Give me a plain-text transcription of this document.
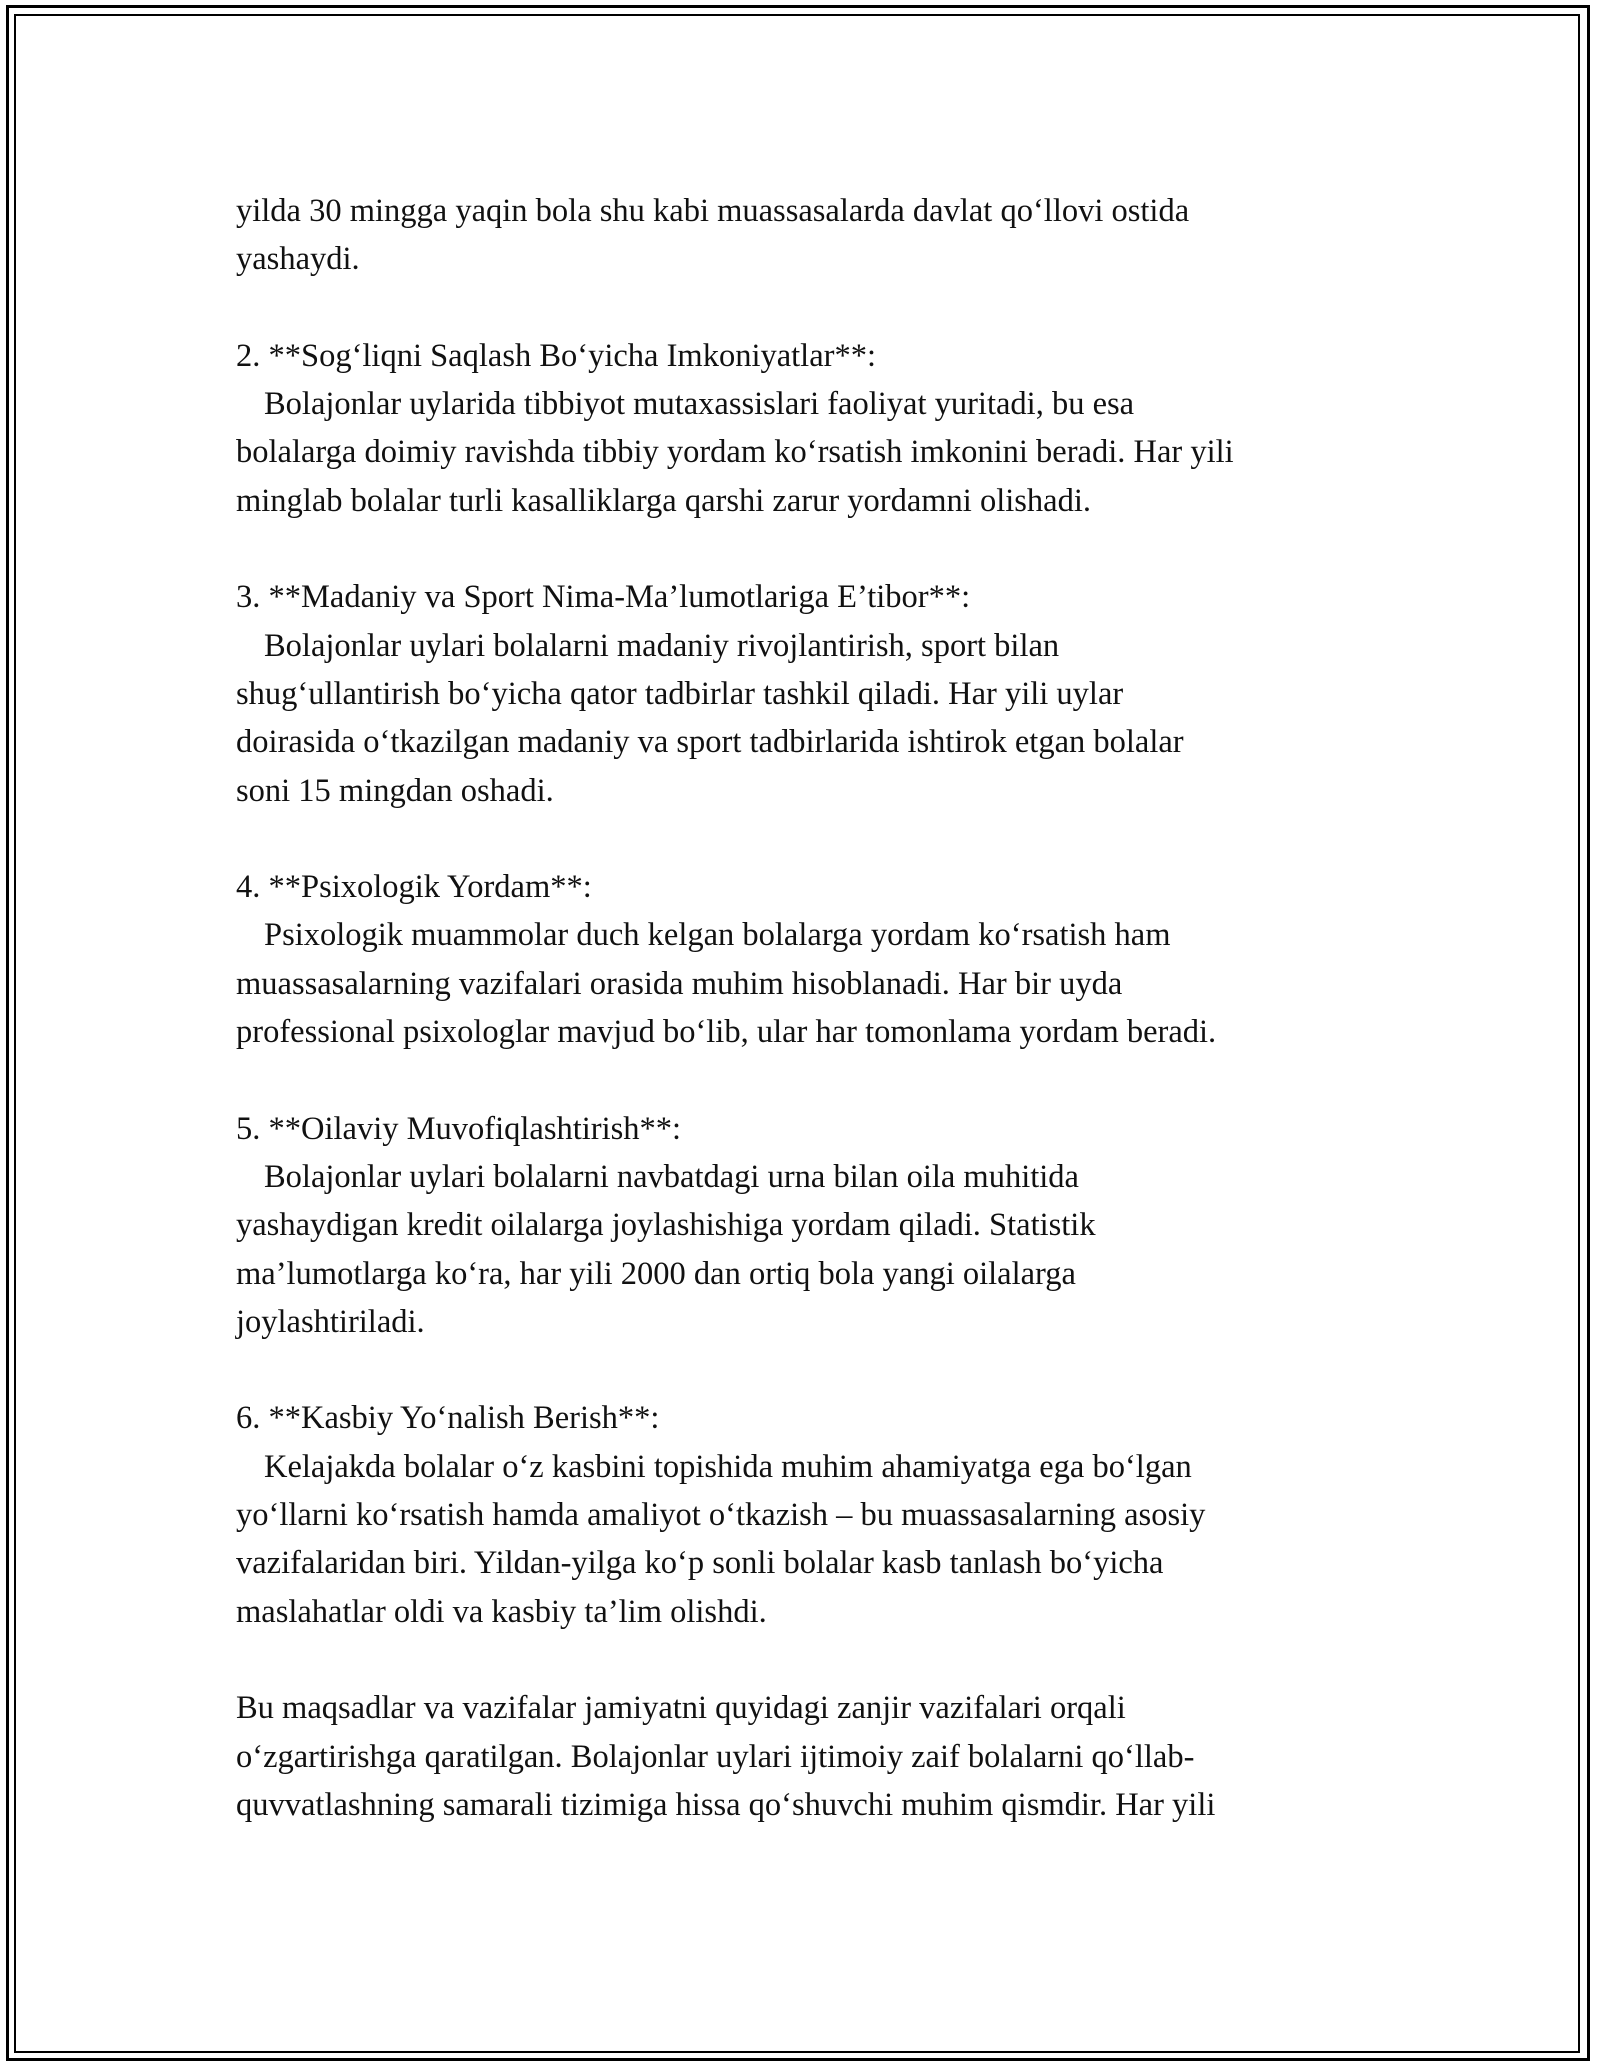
yilda 30 mingga yaqin bola shu kabi muassasalarda davlat qo‘llovi ostida
yashaydi.
2. **Sog‘liqni Saqlash Bo‘yicha Imkoniyatlar**:
Bolajonlar uylarida tibbiyot mutaxassislari faoliyat yuritadi, bu esa
bolalarga doimiy ravishda tibbiy yordam ko‘rsatish imkonini beradi. Har yili
minglab bolalar turli kasalliklarga qarshi zarur yordamni olishadi.
3. **Madaniy va Sport Nima-Ma’lumotlariga E’tibor**:
Bolajonlar uylari bolalarni madaniy rivojlantirish, sport bilan
shug‘ullantirish bo‘yicha qator tadbirlar tashkil qiladi. Har yili uylar
doirasida o‘tkazilgan madaniy va sport tadbirlarida ishtirok etgan bolalar
soni 15 mingdan oshadi.
4. **Psixologik Yordam**:
Psixologik muammolar duch kelgan bolalarga yordam ko‘rsatish ham
muassasalarning vazifalari orasida muhim hisoblanadi. Har bir uyda
professional psixologlar mavjud bo‘lib, ular har tomonlama yordam beradi.
5. **Oilaviy Muvofiqlashtirish**:
Bolajonlar uylari bolalarni navbatdagi urna bilan oila muhitida
yashaydigan kredit oilalarga joylashishiga yordam qiladi. Statistik
ma’lumotlarga ko‘ra, har yili 2000 dan ortiq bola yangi oilalarga
joylashtiriladi.
6. **Kasbiy Yo‘nalish Berish**:
Kelajakda bolalar o‘z kasbini topishida muhim ahamiyatga ega bo‘lgan
yo‘llarni ko‘rsatish hamda amaliyot o‘tkazish – bu muassasalarning asosiy
vazifalaridan biri. Yildan-yilga ko‘p sonli bolalar kasb tanlash bo‘yicha
maslahatlar oldi va kasbiy ta’lim olishdi.
Bu maqsadlar va vazifalar jamiyatni quyidagi zanjir vazifalari orqali
o‘zgartirishga qaratilgan. Bolajonlar uylari ijtimoiy zaif bolalarni qo‘llab-
quvvatlashning samarali tizimiga hissa qo‘shuvchi muhim qismdir. Har yili
